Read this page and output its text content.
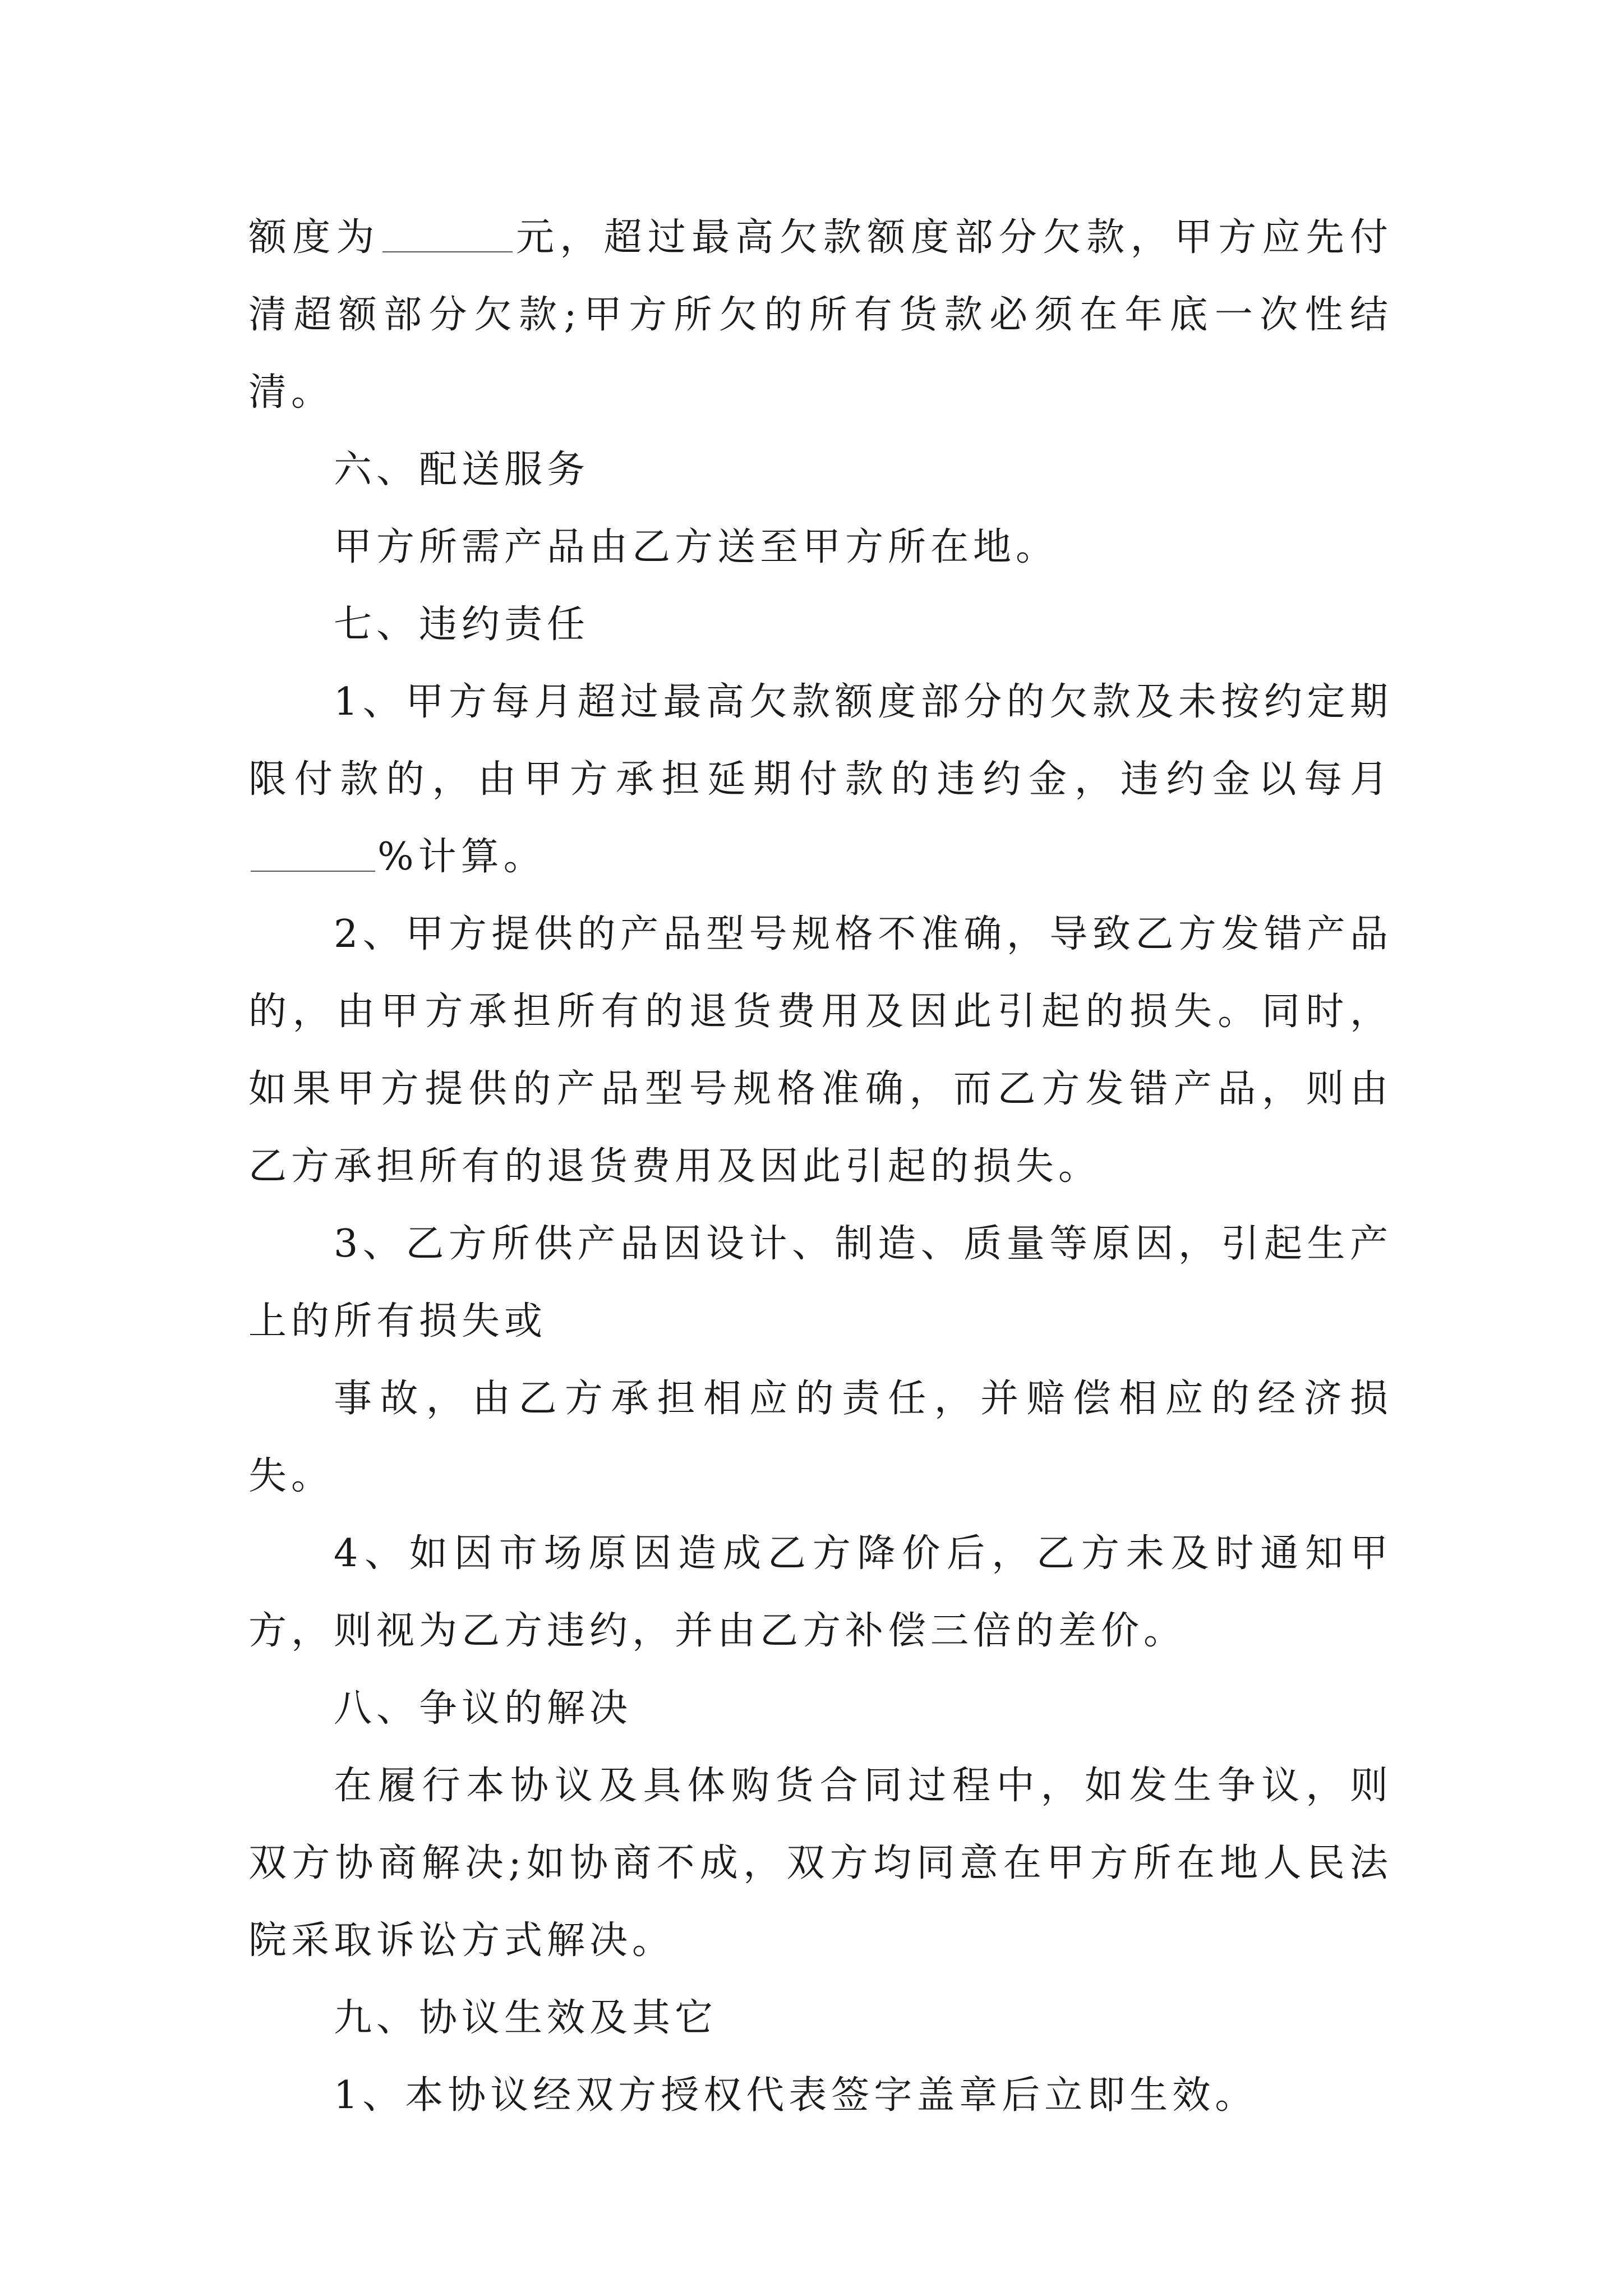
额度为	元，超过最高欠款额度部分欠款，甲方应先付清超额部分欠款;甲方所欠的所有货款必须在年底一次性结清。

六、配送服务

甲方所需产品由乙方送至甲方所在地。

七、违约责任

1、甲方每月超过最高欠款额度部分的欠款及未按约定期限付款的，由甲方承担延期付款的违约金，违约金以每月%计算。

2、甲方提供的产品型号规格不准确，导致乙方发错产品的，由甲方承担所有的退货费用及因此引起的损失。同时，如果甲方提供的产品型号规格准确，而乙方发错产品，则由乙方承担所有的退货费用及因此引起的损失。

3、乙方所供产品因设计、制造、质量等原因，引起生产上的所有损失或

事故，由乙方承担相应的责任，并赔偿相应的经济损失。

4、如因市场原因造成乙方降价后，乙方未及时通知甲方，则视为乙方违约，并由乙方补偿三倍的差价。

八、争议的解决

在履行本协议及具体购货合同过程中，如发生争议，则双方协商解决;如协商不成，双方均同意在甲方所在地人民法院采取诉讼方式解决。

九、协议生效及其它

1、本协议经双方授权代表签字盖章后立即生效。
